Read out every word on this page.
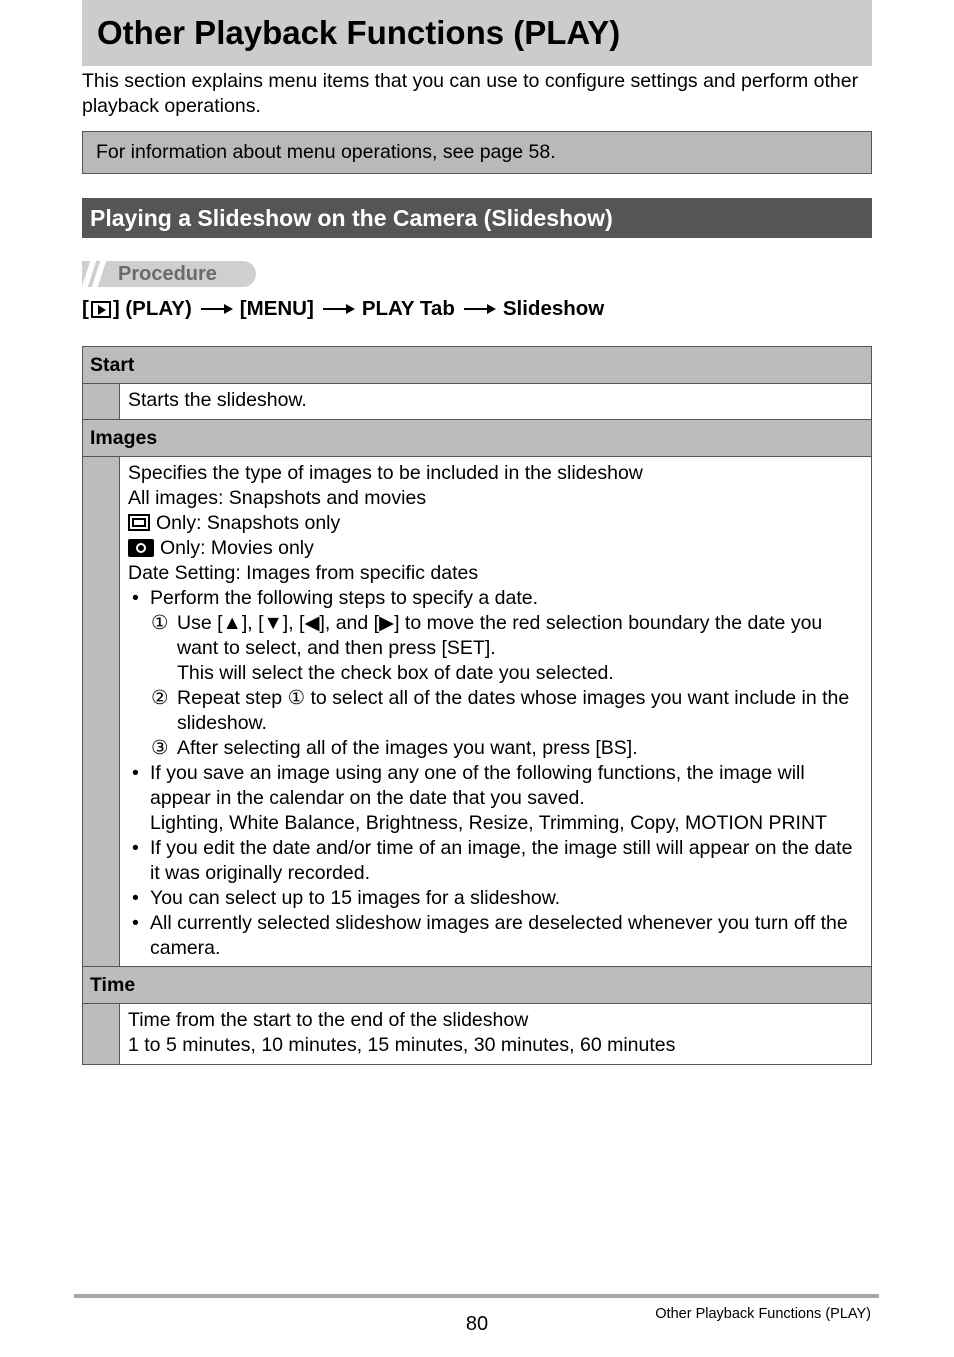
Other Playback Functions (PLAY)
This section explains menu items that you can use to configure settings and perform other playback operations.
For information about menu operations, see page 58.
Playing a Slideshow on the Camera (Slideshow)
Procedure
[ ] (PLAY) [MENU] PLAY Tab Slideshow
Start
Starts the slideshow.
Images
Specifies the type of images to be included in the slideshow
All images: Snapshots and movies
Only: Snapshots only
Only: Movies only
Date Setting: Images from specific dates
• Perform the following steps to specify a date.
① Use [▲], [▼], [◀], and [▶] to move the red selection boundary the date you want to select, and then press [SET].
This will select the check box of date you selected.
② Repeat step ① to select all of the dates whose images you want include in the slideshow.
③ After selecting all of the images you want, press [BS].
• If you save an image using any one of the following functions, the image will appear in the calendar on the date that you saved.
Lighting, White Balance, Brightness, Resize, Trimming, Copy, MOTION PRINT
• If you edit the date and/or time of an image, the image still will appear on the date it was originally recorded.
• You can select up to 15 images for a slideshow.
• All currently selected slideshow images are deselected whenever you turn off the camera.
Time
Time from the start to the end of the slideshow
1 to 5 minutes, 10 minutes, 15 minutes, 30 minutes, 60 minutes
80	Other Playback Functions (PLAY)
